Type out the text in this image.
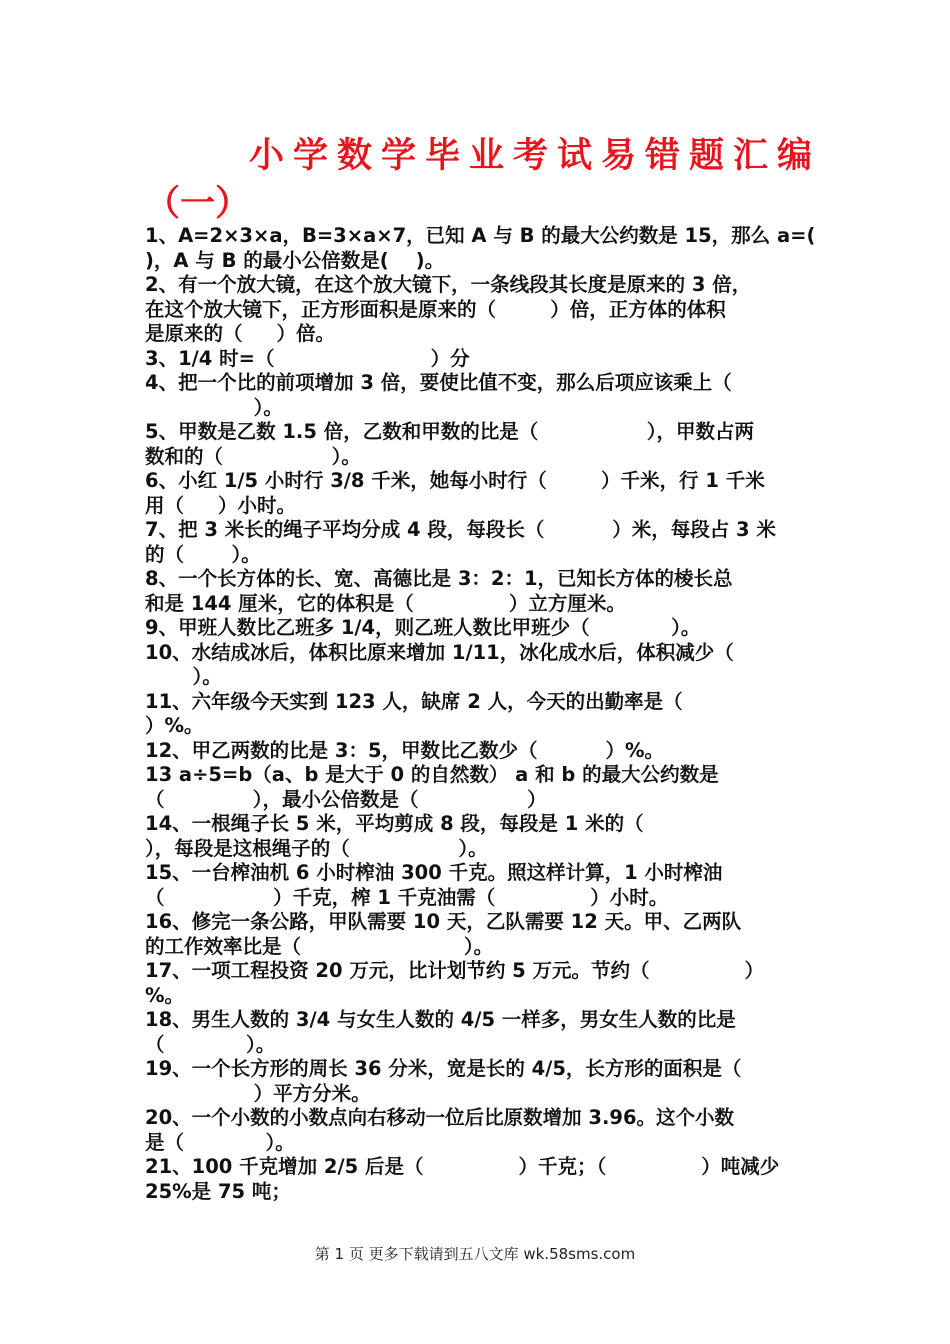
小学数学毕业考试易错题汇编
（一）

1、A=2×3×a，B=3×a×7，已知 A 与 B 的最大公约数是 15，那么 a=(

)，A 与 B 的最小公倍数是(    )。

2、有一个放大镜，在这个放大镜下，一条线段其长度是原来的 3 倍，

在这个放大镜下，正方形面积是原来的（        ）倍，正方体的体积

是原来的（     ）倍。

3、1/4 时=（                       ）分

4、把一个比的前项增加 3 倍，要使比值不变，那么后项应该乘上（

）。

5、甲数是乙数 1.5 倍，乙数和甲数的比是（                ），甲数占两

数和的（                ）。

6、小红 1/5 小时行 3/8 千米，她每小时行（        ）千米，行 1 千米

用（     ）小时。

7、把 3 米长的绳子平均分成 4 段，每段长（          ）米，每段占 3 米

的（       ）。

8、一个长方体的长、宽、高德比是 3：2：1，已知长方体的棱长总

和是 144 厘米，它的体积是（              ）立方厘米。

9、甲班人数比乙班多 1/4，则乙班人数比甲班少（            ）。

10、水结成冰后，体积比原来增加 1/11，冰化成水后，体积减少（

）。

11、六年级今天实到 123 人，缺席 2 人，今天的出勤率是（

）%。

12、甲乙两数的比是 3：5，甲数比乙数少（          ）%。

13 a÷5=b（a、b 是大于 0 的自然数） a 和 b 的最大公约数是

（             ），最小公倍数是（                ）

14、一根绳子长 5 米，平均剪成 8 段，每段是 1 米的（

），每段是这根绳子的（                ）。

15、一台榨油机 6 小时榨油 300 千克。照这样计算，1 小时榨油

（                ）千克，榨 1 千克油需（              ）小时。

16、修完一条公路，甲队需要 10 天，乙队需要 12 天。甲、乙两队

的工作效率比是（                        ）。

17、一项工程投资 20 万元，比计划节约 5 万元。节约（              ）

%。

18、男生人数的 3/4 与女生人数的 4/5 一样多，男女生人数的比是

（            ）。

19、一个长方形的周长 36 分米，宽是长的 4/5，长方形的面积是（

）平方分米。

20、一个小数的小数点向右移动一位后比原数增加 3.96。这个小数

是（            ）。

21、100 千克增加 2/5 后是（              ）千克；（              ）吨减少

25%是 75 吨；

第 1 页 更多下载请到五八文库 wk.58sms.com
